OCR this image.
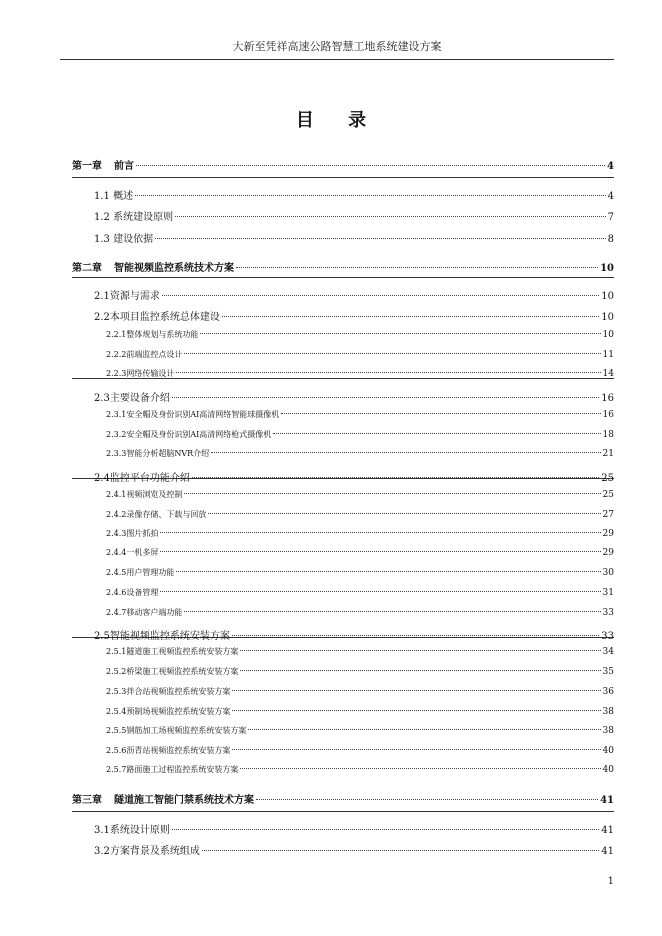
大新至凭祥高速公路智慧工地系统建设方案
目 录
第一章 前言	4
1.1 概述	4
1.2 系统建设原则	7
1.3 建设依据	8
第二章 智能视频监控系统技术方案	10
2.1资源与需求	10
2.2本项目监控系统总体建设	10
2.2.1整体规划与系统功能	10
2.2.2前端监控点设计	11
2.2.3网络传输设计	14
2.3主要设备介绍	16
2.3.1安全帽及身份识别AI高清网络智能球摄像机	16
2.3.2安全帽及身份识别AI高清网络枪式摄像机	18
2.3.3智能分析超脑NVR介绍	21
2.4监控平台功能介绍	25
2.4.1视频浏览及控制	25
2.4.2录像存储、下载与回放	27
2.4.3图片抓拍	29
2.4.4一机多屏	29
2.4.5用户管理功能	30
2.4.6设备管理	31
2.4.7移动客户端功能	33
2.5智能视频监控系统安装方案	33
2.5.1隧道施工视频监控系统安装方案	34
2.5.2桥梁施工视频监控系统安装方案	35
2.5.3拌合站视频监控系统安装方案	36
2.5.4预制场视频监控系统安装方案	38
2.5.5钢筋加工场视频监控系统安装方案	38
2.5.6沥青站视频监控系统安装方案	40
2.5.7路面施工过程监控系统安装方案	40
第三章 隧道施工智能门禁系统技术方案	41
3.1系统设计原则	41
3.2方案背景及系统组成	41
1
